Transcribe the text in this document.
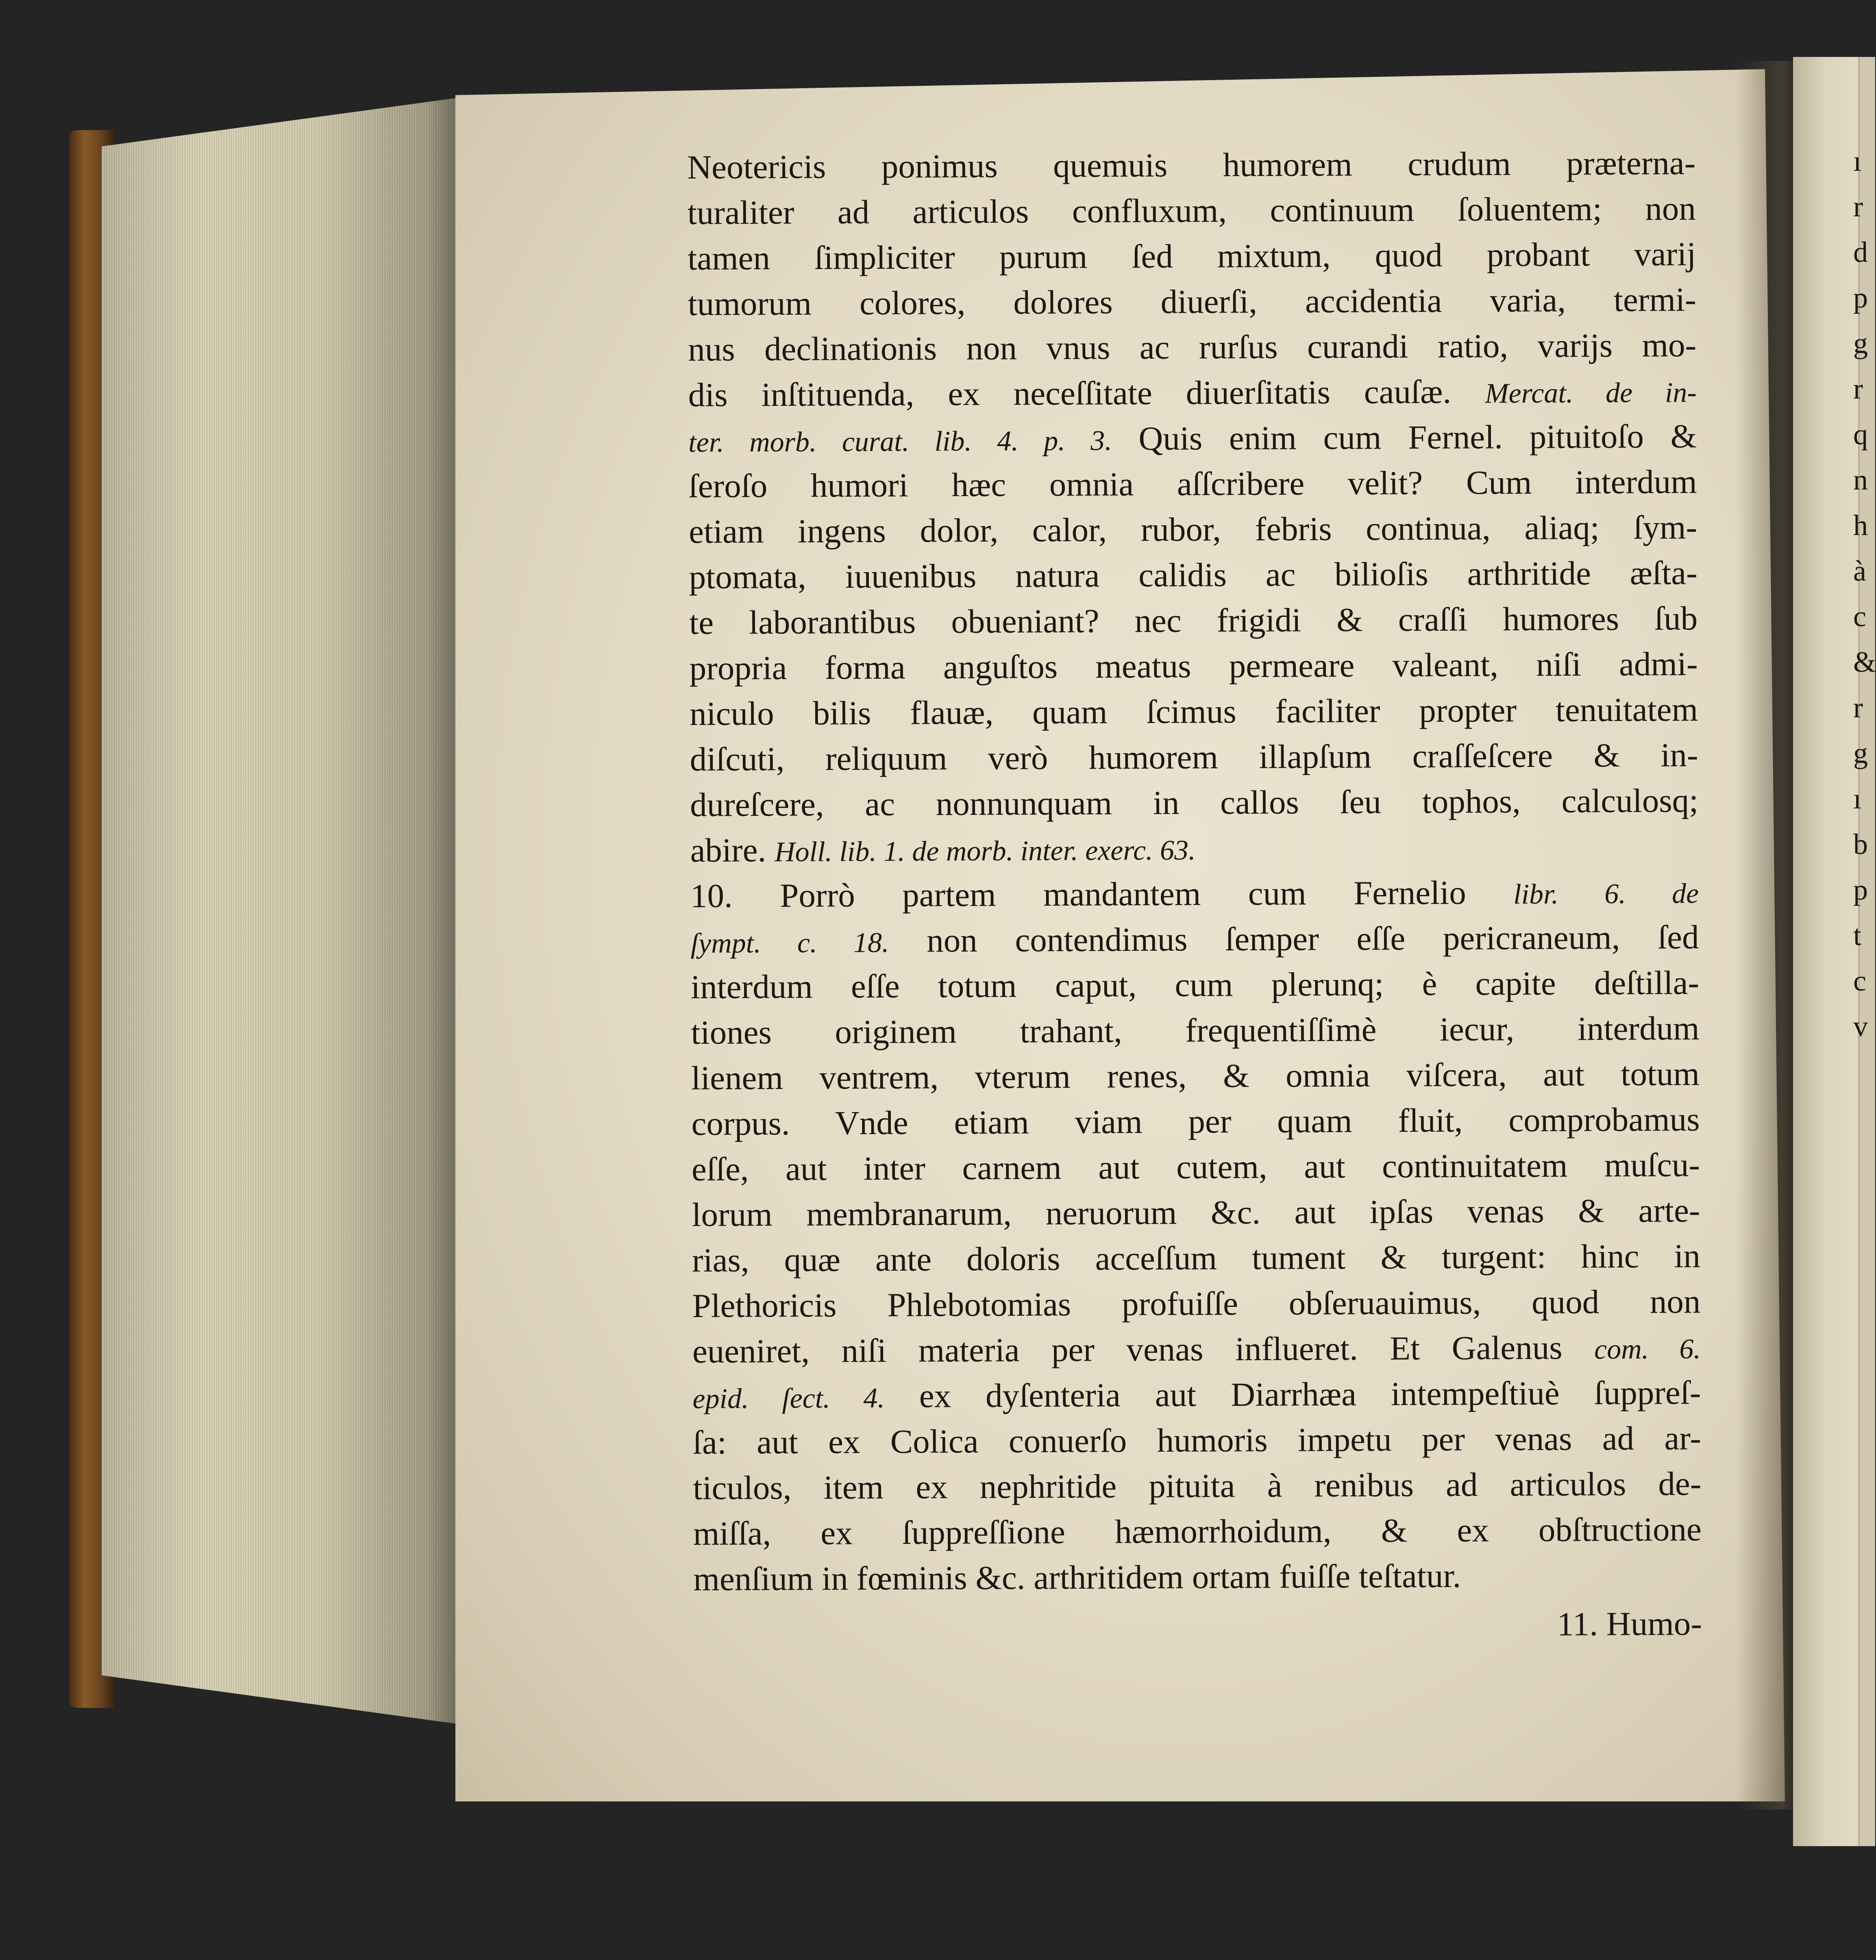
Neotericis ponimus quemuis humorem crudum præterna-
turaliter ad articulos confluxum, continuum ſoluentem; non
tamen ſimpliciter purum ſed mixtum, quod probant varij
tumorum colores, dolores diuerſi, accidentia varia, termi-
nus declinationis non vnus ac rurſus curandi ratio, varijs mo-
dis inſtituenda, ex neceſſitate diuerſitatis cauſæ. Mercat. de in-
ter. morb. curat. lib. 4. p. 3. Quis enim cum Fernel. pituitoſo &
ſeroſo humori hæc omnia aſſcribere velit? Cum interdum
etiam ingens dolor, calor, rubor, febris continua, aliaq; ſym-
ptomata, iuuenibus natura calidis ac bilioſis arthritide æſta-
te laborantibus obueniant? nec frigidi & craſſi humores ſub
propria forma anguſtos meatus permeare valeant, niſi admi-
niculo bilis flauæ, quam ſcimus faciliter propter tenuitatem
diſcuti, reliquum verò humorem illapſum craſſeſcere & in-
dureſcere, ac nonnunquam in callos ſeu tophos, calculosq;
abire. Holl. lib. 1. de morb. inter. exerc. 63.
10. Porrò partem mandantem cum Fernelio libr. 6. de
ſympt. c. 18. non contendimus ſemper eſſe pericraneum, ſed
interdum eſſe totum caput, cum plerunq; è capite deſtilla-
tiones originem trahant, frequentiſſimè iecur, interdum
lienem ventrem, vterum renes, & omnia viſcera, aut totum
corpus. Vnde etiam viam per quam fluit, comprobamus
eſſe, aut inter carnem aut cutem, aut continuitatem muſcu-
lorum membranarum, neruorum &c. aut ipſas venas & arte-
rias, quæ ante doloris acceſſum tument & turgent: hinc in
Plethoricis Phlebotomias profuiſſe obſeruauimus, quod non
eueniret, niſi materia per venas influeret. Et Galenus com. 6.
epid. ſect. 4. ex dyſenteria aut Diarrhæa intempeſtiuè ſuppreſ-
ſa: aut ex Colica conuerſo humoris impetu per venas ad ar-
ticulos, item ex nephritide pituita à renibus ad articulos de-
miſſa, ex ſuppreſſione hæmorrhoidum, & ex obſtructione
menſium in fœminis &c. arthritidem ortam fuiſſe teſtatur.
11. Humo-
ı
r
d
p
g
r
q
n
h
à
c
&
r
g
ı
b
p
t
c
v
